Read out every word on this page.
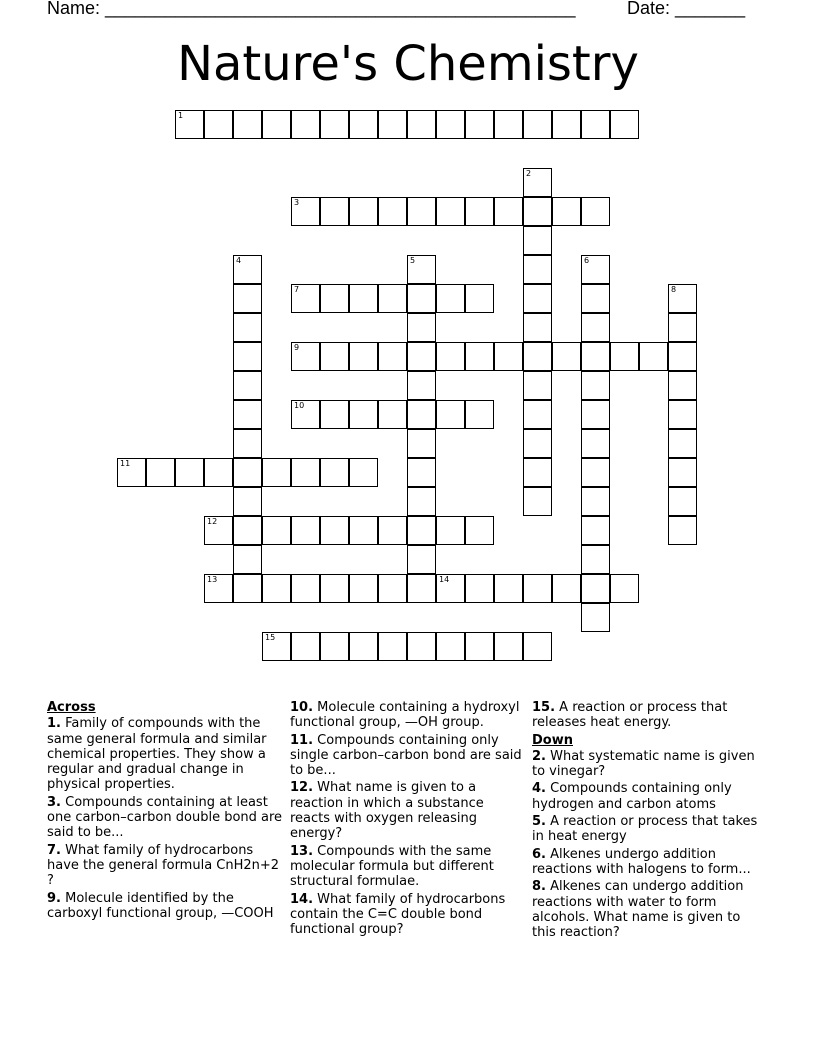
Name: _______________________________________________	Date: _______
Nature's Chemistry
1
2
3
4	5	6
7	8
9
10
11
12
13	14
15
Across
1. Family of compounds with the same general formula and similar chemical properties. They show a regular and gradual change in physical properties.
3. Compounds containing at least one carbon–carbon double bond are said to be...
7. What family of hydrocarbons have the general formula CnH2n+2 ?
9. Molecule identified by the carboxyl functional group, —COOH
10. Molecule containing a hydroxyl functional group, —OH group.
11. Compounds containing only single carbon–carbon bond are said to be...
12. What name is given to a reaction in which a substance reacts with oxygen releasing energy?
13. Compounds with the same molecular formula but different structural formulae.
14. What family of hydrocarbons contain the C=C double bond functional group?
15. A reaction or process that releases heat energy.
Down
2. What systematic name is given to vinegar?
4. Compounds containing only hydrogen and carbon atoms
5. A reaction or process that takes in heat energy
6. Alkenes undergo addition reactions with halogens to form...
8. Alkenes can undergo addition reactions with water to form alcohols. What name is given to this reaction?
